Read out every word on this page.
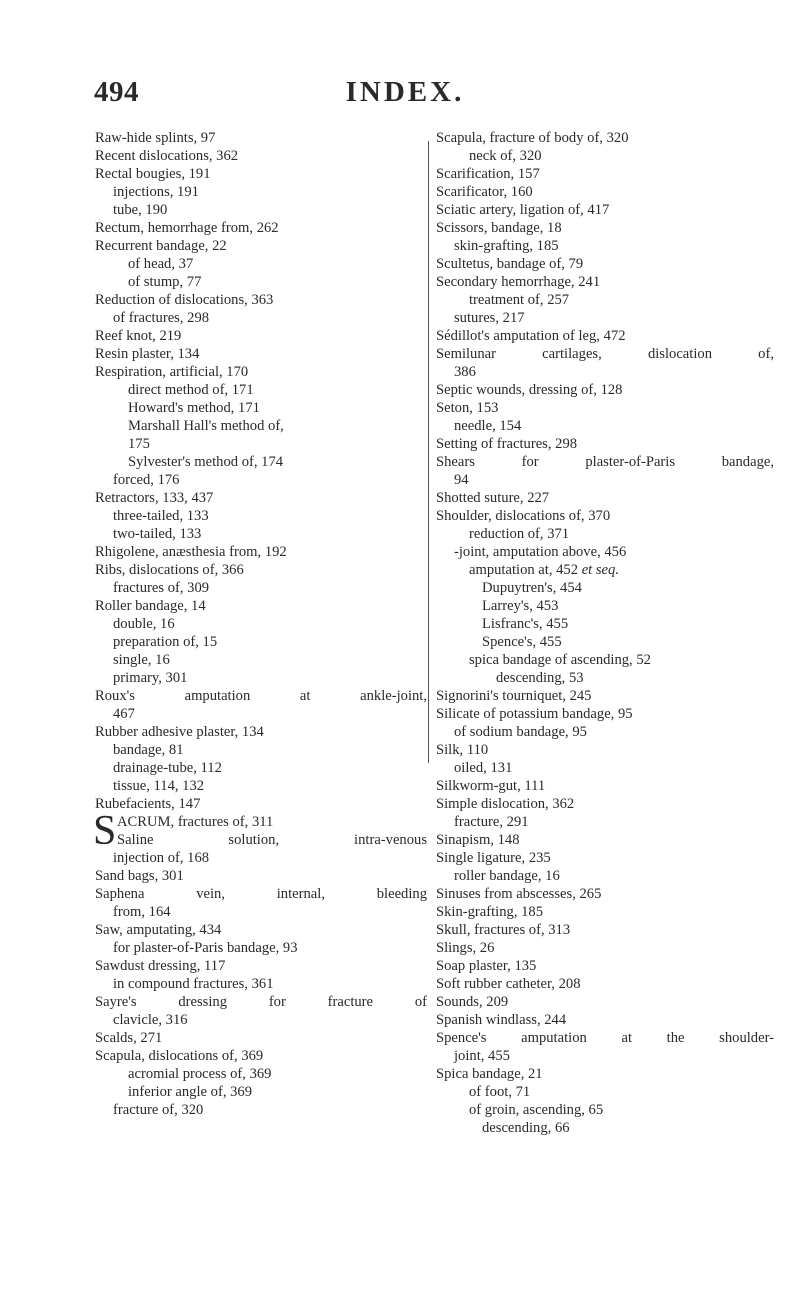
494	INDEX.
Raw-hide splints, 97
Recent dislocations, 362
Rectal bougies, 191
injections, 191
tube, 190
Rectum, hemorrhage from, 262
Recurrent bandage, 22
of head, 37
of stump, 77
Reduction of dislocations, 363
of fractures, 298
Reef knot, 219
Resin plaster, 134
Respiration, artificial, 170
direct method of, 171
Howard's method, 171
Marshall Hall's method of,
175
Sylvester's method of, 174
forced, 176
Retractors, 133, 437
three-tailed, 133
two-tailed, 133
Rhigolene, anæsthesia from, 192
Ribs, dislocations of, 366
fractures of, 309
Roller bandage, 14
double, 16
preparation of, 15
single, 16
primary, 301
Roux's amputation at ankle-joint,
467
Rubber adhesive plaster, 134
bandage, 81
drainage-tube, 112
tissue, 114, 132
Rubefacients, 147
S ACRUM, fractures of, 311
Saline solution, intra-venous
injection of, 168
Sand bags, 301
Saphena vein, internal, bleeding
from, 164
Saw, amputating, 434
for plaster-of-Paris bandage, 93
Sawdust dressing, 117
in compound fractures, 361
Sayre's dressing for fracture of
clavicle, 316
Scalds, 271
Scapula, dislocations of, 369
acromial process of, 369
inferior angle of, 369
fracture of, 320
Scapula, fracture of body of, 320
neck of, 320
Scarification, 157
Scarificator, 160
Sciatic artery, ligation of, 417
Scissors, bandage, 18
skin-grafting, 185
Scultetus, bandage of, 79
Secondary hemorrhage, 241
treatment of, 257
sutures, 217
Sédillot's amputation of leg, 472
Semilunar cartilages, dislocation of,
386
Septic wounds, dressing of, 128
Seton, 153
needle, 154
Setting of fractures, 298
Shears for plaster-of-Paris bandage,
94
Shotted suture, 227
Shoulder, dislocations of, 370
reduction of, 371
-joint, amputation above, 456
amputation at, 452 et seq.
Dupuytren's, 454
Larrey's, 453
Lisfranc's, 455
Spence's, 455
spica bandage of ascending, 52
descending, 53
Signorini's tourniquet, 245
Silicate of potassium bandage, 95
of sodium bandage, 95
Silk, 110
oiled, 131
Silkworm-gut, 111
Simple dislocation, 362
fracture, 291
Sinapism, 148
Single ligature, 235
roller bandage, 16
Sinuses from abscesses, 265
Skin-grafting, 185
Skull, fractures of, 313
Slings, 26
Soap plaster, 135
Soft rubber catheter, 208
Sounds, 209
Spanish windlass, 244
Spence's amputation at the shoulder-
joint, 455
Spica bandage, 21
of foot, 71
of groin, ascending, 65
descending, 66
